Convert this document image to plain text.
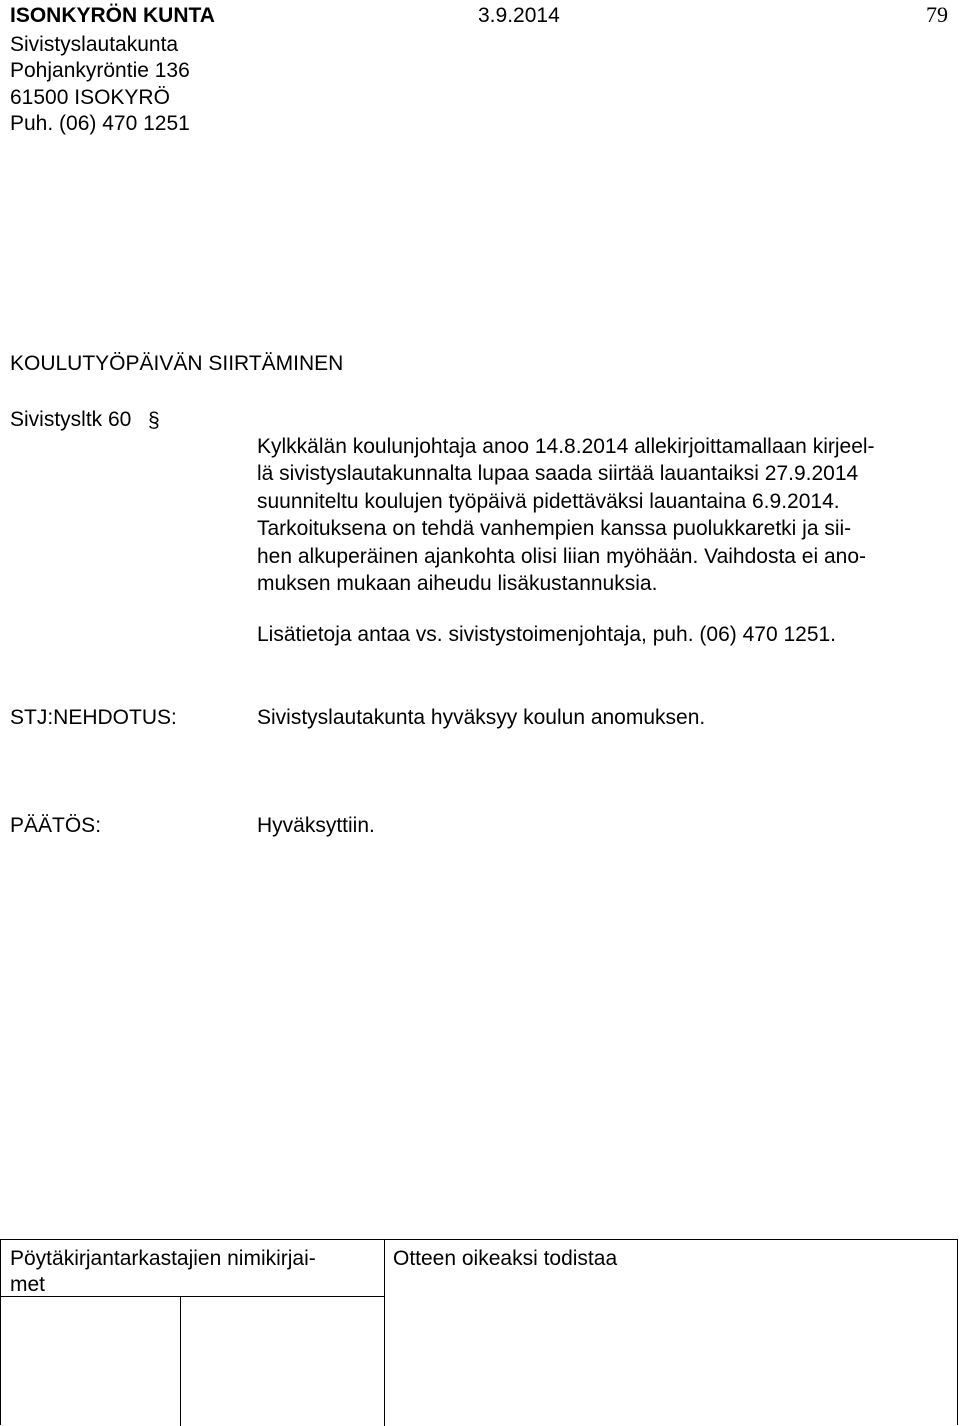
ISONKYRÖN KUNTA	3.9.2014	79
Sivistyslautakunta
Pohjankyröntie 136
61500 ISOKYRÖ
Puh. (06) 470 1251
KOULUTYÖPÄIVÄN SIIRTÄMINEN
Sivistysltk 60 §
Kylkkälän koulunjohtaja anoo 14.8.2014 allekirjoittamallaan kirjeel-
lä sivistyslautakunnalta lupaa saada siirtää lauantaiksi 27.9.2014
suunniteltu koulujen työpäivä pidettäväksi lauantaina 6.9.2014.
Tarkoituksena on tehdä vanhempien kanssa puolukkaretki ja sii-
hen alkuperäinen ajankohta olisi liian myöhään. Vaihdosta ei ano-
muksen mukaan aiheudu lisäkustannuksia.
Lisätietoja antaa vs. sivistystoimenjohtaja, puh. (06) 470 1251.
STJ:NEHDOTUS:	Sivistyslautakunta hyväksyy koulun anomuksen.
PÄÄTÖS:	Hyväksyttiin.
Pöytäkirjantarkastajien nimikirjai-
met
Otteen oikeaksi todistaa
